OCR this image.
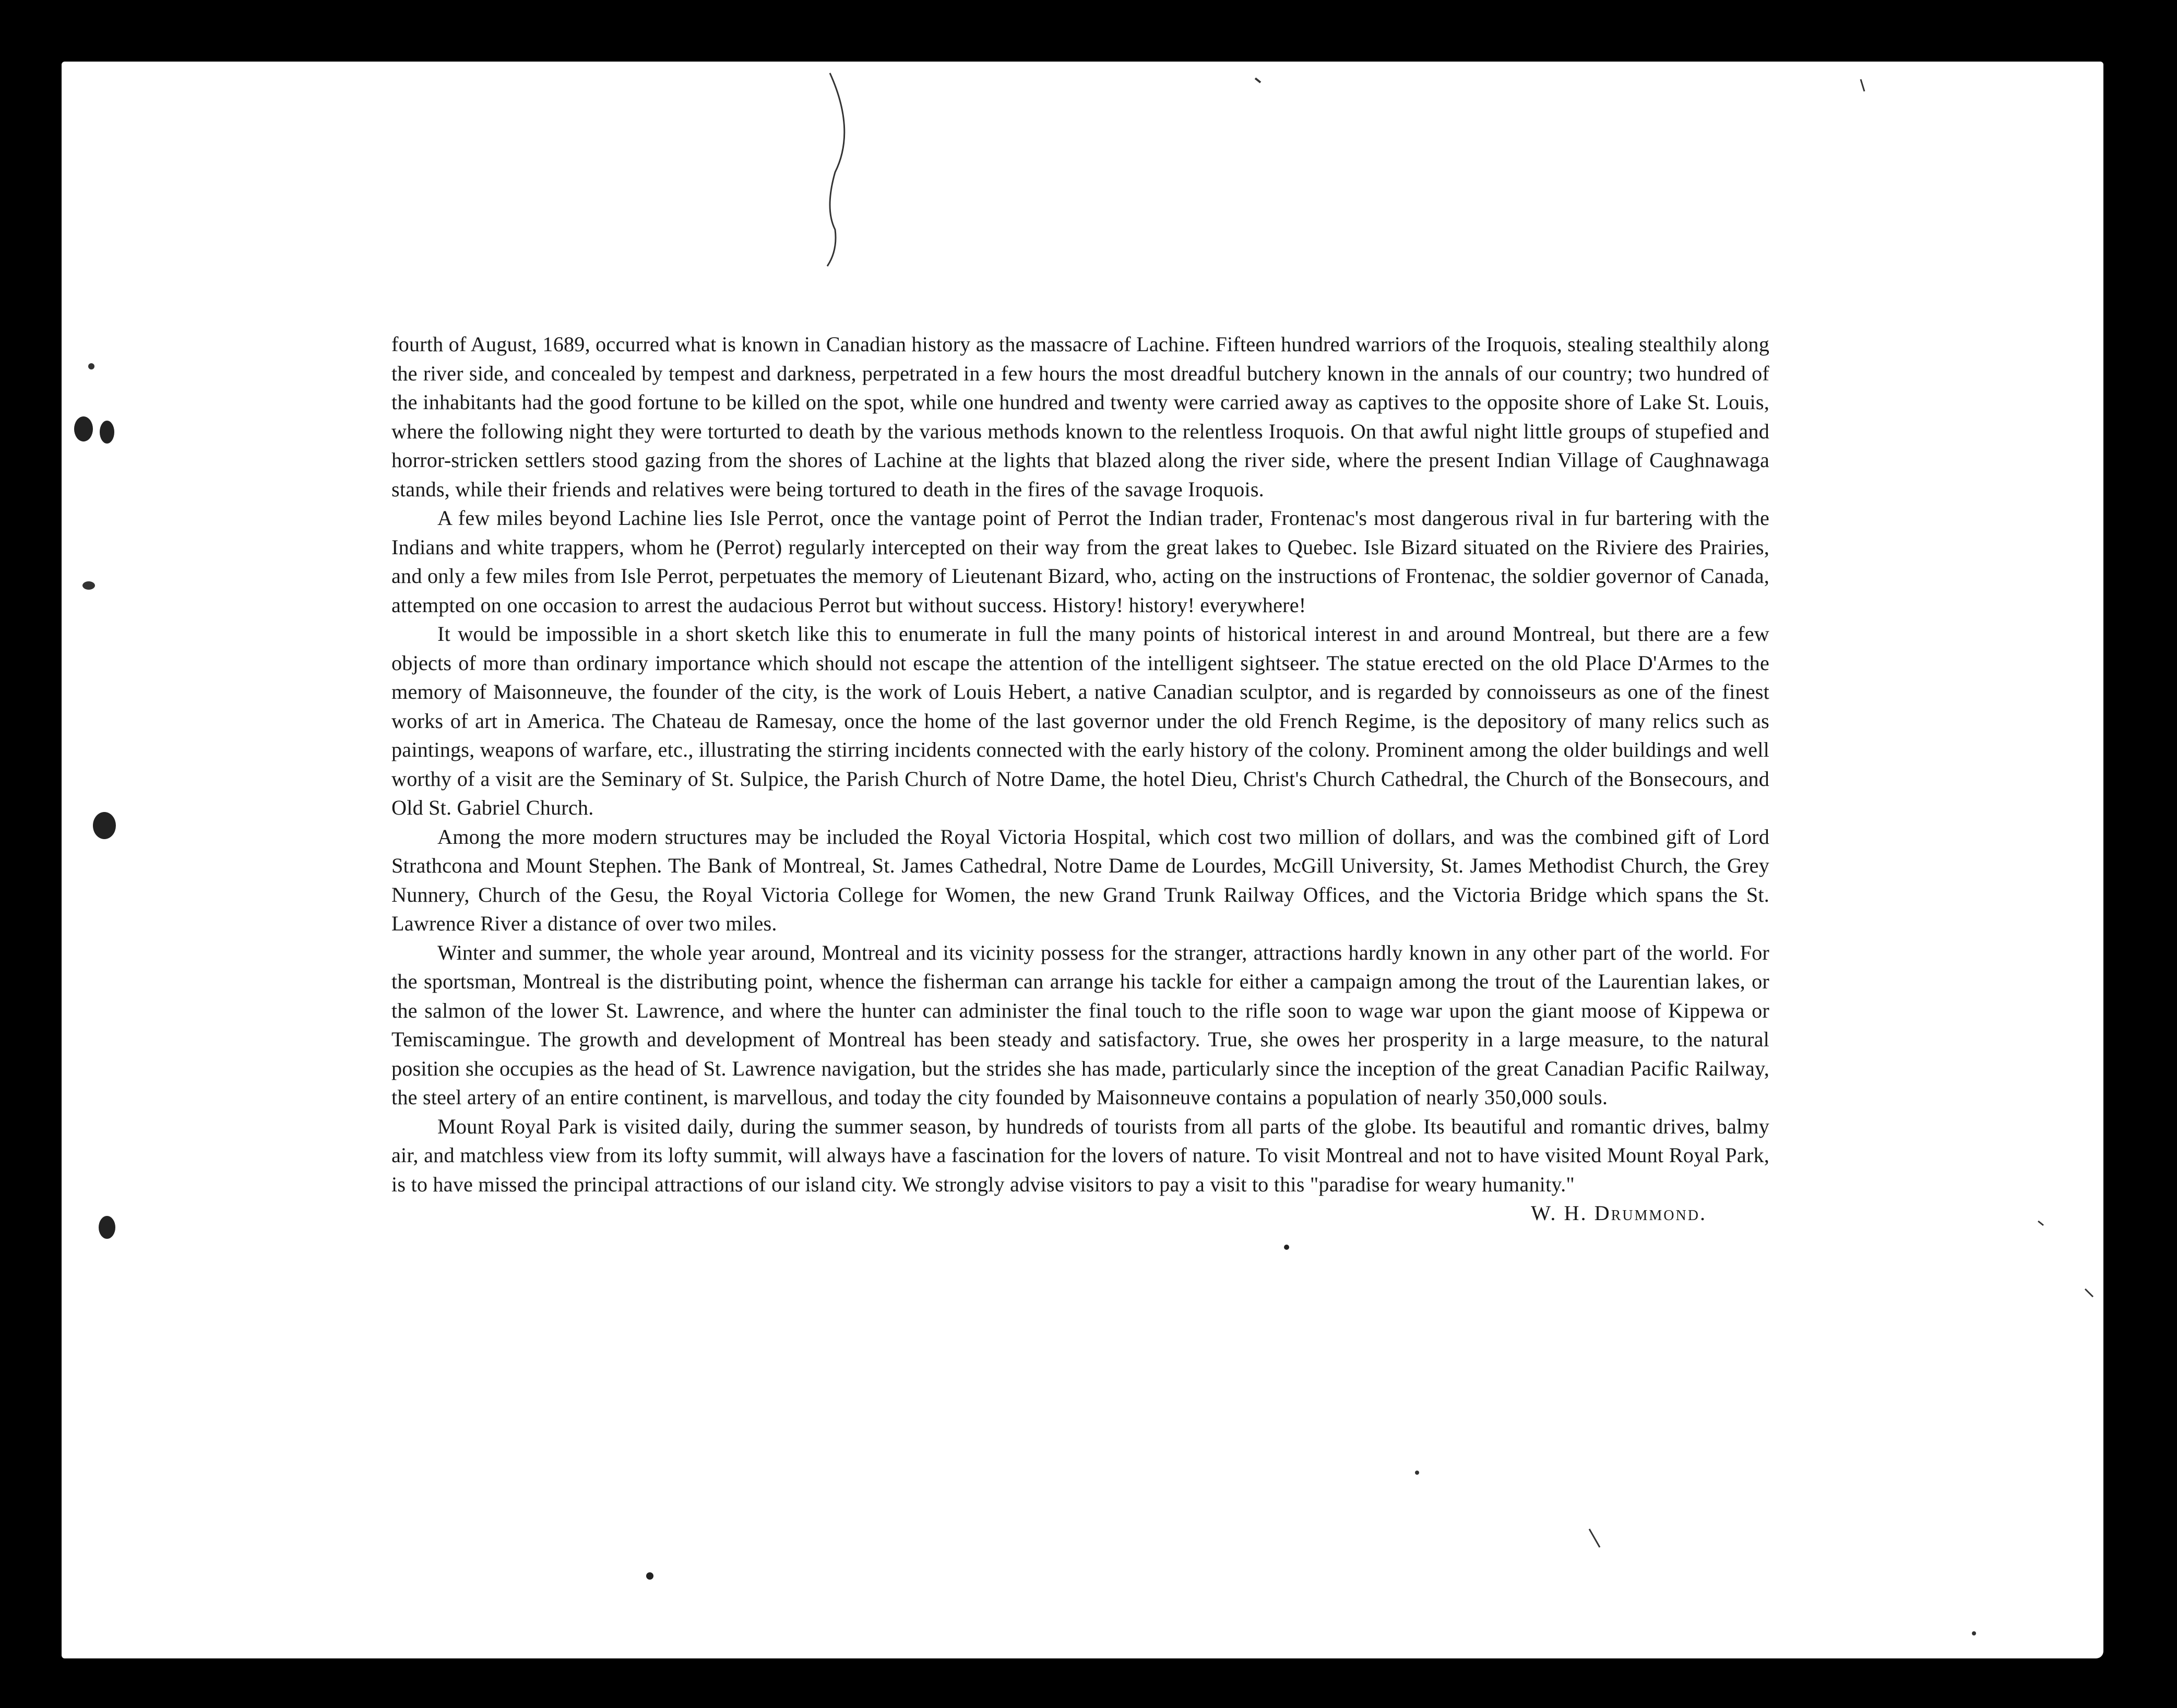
fourth of August, 1689, occurred what is known in Canadian history as the massacre of Lachine. Fifteen hundred warriors of the Iroquois, stealing stealthily along the river side, and concealed by tempest and darkness, perpetrated in a few hours the most dreadful butchery known in the annals of our country; two hundred of the inhabitants had the good fortune to be killed on the spot, while one hundred and twenty were carried away as captives to the opposite shore of Lake St. Louis, where the following night they were torturted to death by the various methods known to the relentless Iroquois. On that awful night little groups of stupefied and horror-stricken settlers stood gazing from the shores of Lachine at the lights that blazed along the river side, where the present Indian Village of Caughnawaga stands, while their friends and relatives were being tortured to death in the fires of the savage Iroquois.

A few miles beyond Lachine lies Isle Perrot, once the vantage point of Perrot the Indian trader, Frontenac's most dangerous rival in fur bartering with the Indians and white trappers, whom he (Perrot) regularly intercepted on their way from the great lakes to Quebec. Isle Bizard situated on the Riviere des Prairies, and only a few miles from Isle Perrot, perpetuates the memory of Lieutenant Bizard, who, acting on the instructions of Frontenac, the soldier governor of Canada, attempted on one occasion to arrest the audacious Perrot but without success. History! history! everywhere!

It would be impossible in a short sketch like this to enumerate in full the many points of historical interest in and around Montreal, but there are a few objects of more than ordinary importance which should not escape the attention of the intelligent sightseer. The statue erected on the old Place D'Armes to the memory of Maisonneuve, the founder of the city, is the work of Louis Hebert, a native Canadian sculptor, and is regarded by connoisseurs as one of the finest works of art in America. The Chateau de Ramesay, once the home of the last governor under the old French Regime, is the depository of many relics such as paintings, weapons of warfare, etc., illustrating the stirring incidents connected with the early history of the colony. Prominent among the older buildings and well worthy of a visit are the Seminary of St. Sulpice, the Parish Church of Notre Dame, the hotel Dieu, Christ's Church Cathedral, the Church of the Bonsecours, and Old St. Gabriel Church.

Among the more modern structures may be included the Royal Victoria Hospital, which cost two million of dollars, and was the combined gift of Lord Strathcona and Mount Stephen. The Bank of Montreal, St. James Cathedral, Notre Dame de Lourdes, McGill University, St. James Methodist Church, the Grey Nunnery, Church of the Gesu, the Royal Victoria College for Women, the new Grand Trunk Railway Offices, and the Victoria Bridge which spans the St. Lawrence River a distance of over two miles.

Winter and summer, the whole year around, Montreal and its vicinity possess for the stranger, attractions hardly known in any other part of the world. For the sportsman, Montreal is the distributing point, whence the fisherman can arrange his tackle for either a campaign among the trout of the Laurentian lakes, or the salmon of the lower St. Lawrence, and where the hunter can administer the final touch to the rifle soon to wage war upon the giant moose of Kippewa or Temiscamingue. The growth and development of Montreal has been steady and satisfactory. True, she owes her prosperity in a large measure, to the natural position she occupies as the head of St. Lawrence navigation, but the strides she has made, particularly since the inception of the great Canadian Pacific Railway, the steel artery of an entire continent, is marvellous, and today the city founded by Maisonneuve contains a population of nearly 350,000 souls.

Mount Royal Park is visited daily, during the summer season, by hundreds of tourists from all parts of the globe. Its beautiful and romantic drives, balmy air, and matchless view from its lofty summit, will always have a fascination for the lovers of nature. To visit Montreal and not to have visited Mount Royal Park, is to have missed the principal attractions of our island city. We strongly advise visitors to pay a visit to this "paradise for weary humanity."
W. H. Drummond.
